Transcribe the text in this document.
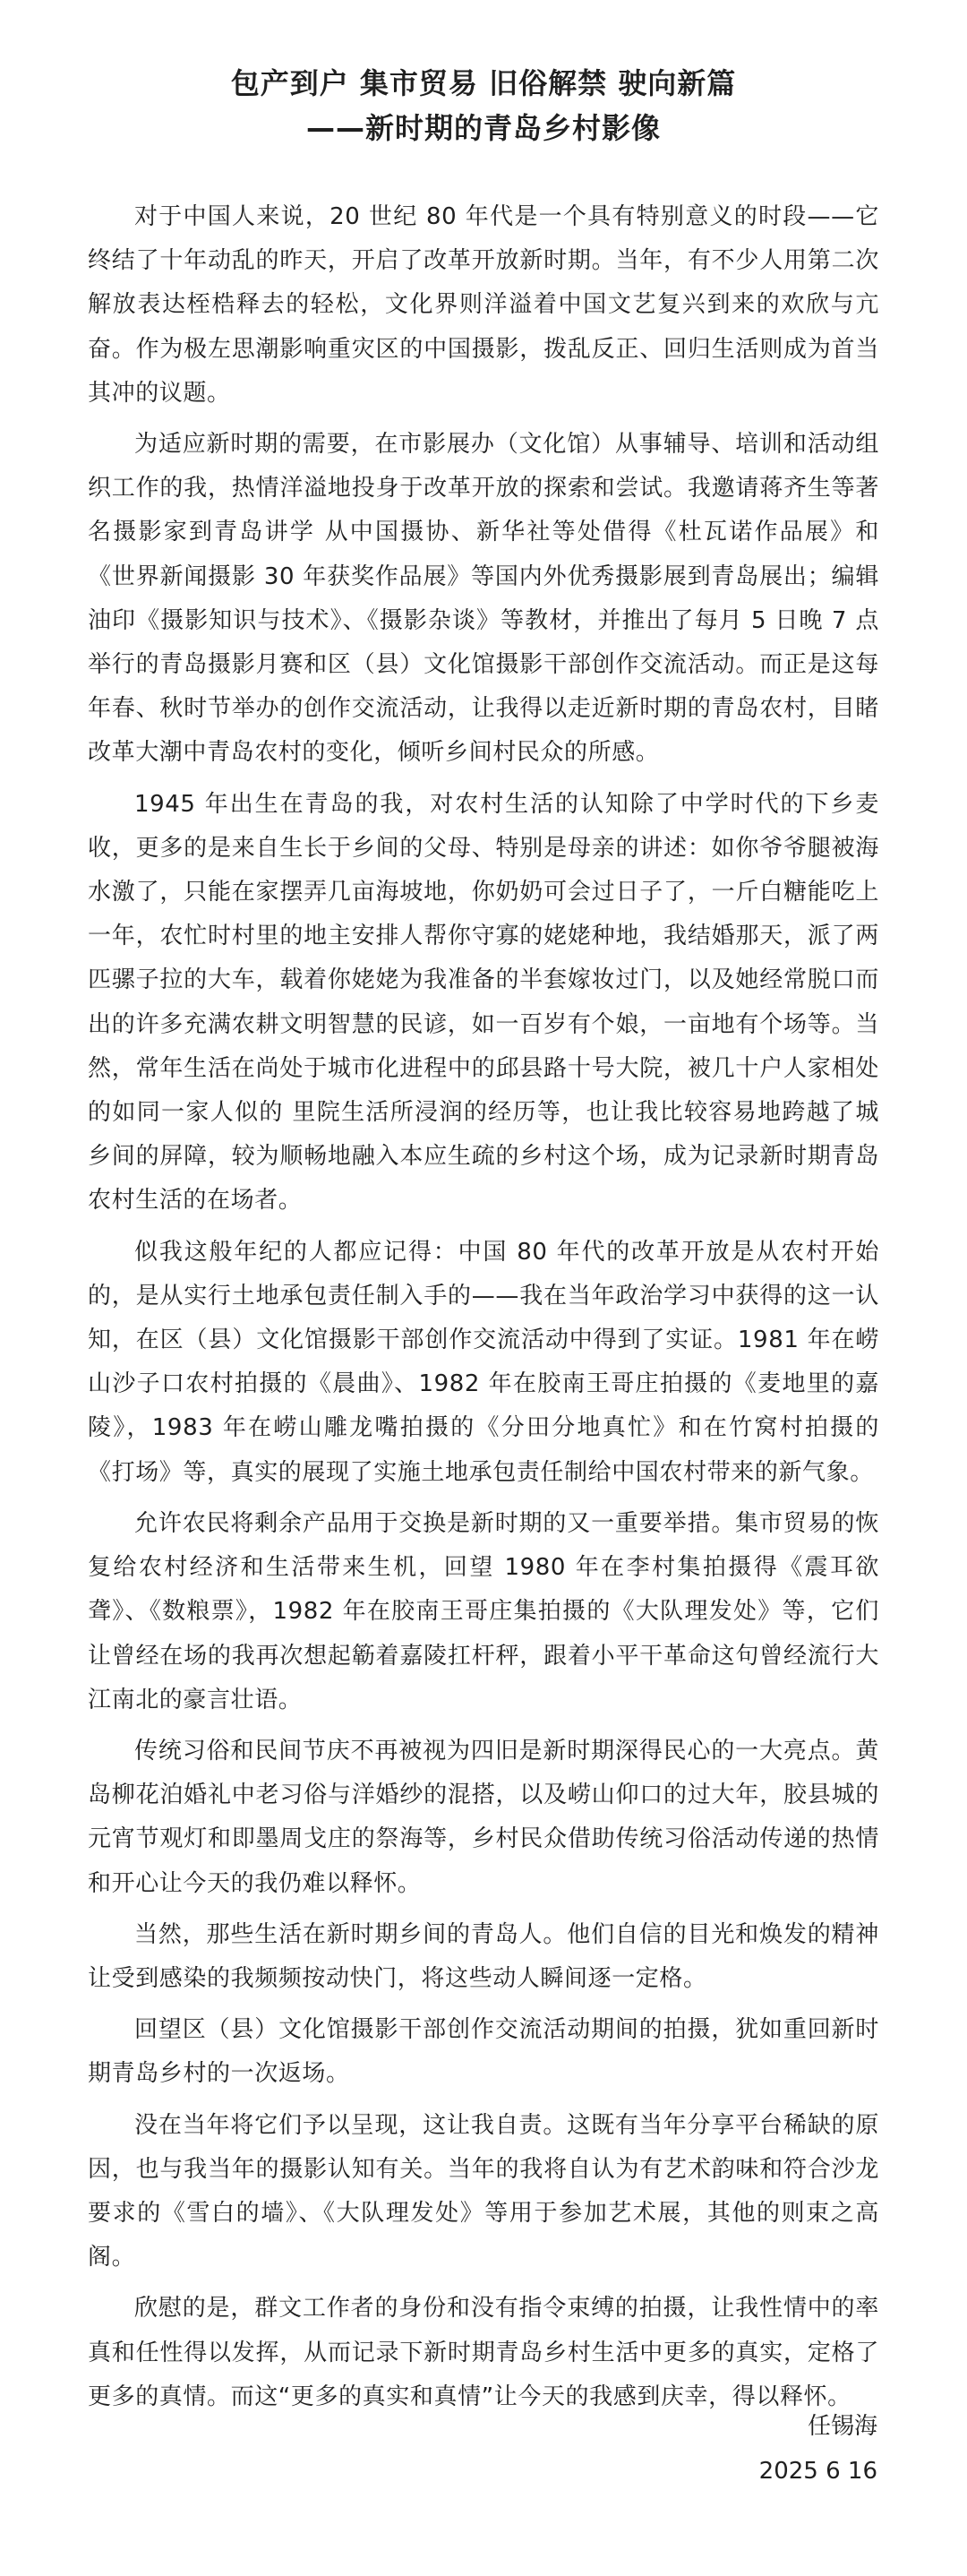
包产到户 集市贸易 旧俗解禁 驶向新篇
——新时期的青岛乡村影像

对于中国人来说，20 世纪 80 年代是一个具有特别意义的时段——它终结了十年动乱的昨天，开启了改革开放新时期。当年，有不少人用第二次解放表达桎梏释去的轻松，文化界则洋溢着中国文艺复兴到来的欢欣与亢奋。作为极左思潮影响重灾区的中国摄影，拨乱反正、回归生活则成为首当其冲的议题。

为适应新时期的需要，在市影展办（文化馆）从事辅导、培训和活动组织工作的我，热情洋溢地投身于改革开放的探索和尝试。我邀请蒋齐生等著名摄影家到青岛讲学 从中国摄协、新华社等处借得《杜瓦诺作品展》和《世界新闻摄影 30 年获奖作品展》等国内外优秀摄影展到青岛展出；编辑油印《摄影知识与技术》、《摄影杂谈》等教材，并推出了每月 5 日晚 7 点举行的青岛摄影月赛和区（县）文化馆摄影干部创作交流活动。而正是这每年春、秋时节举办的创作交流活动，让我得以走近新时期的青岛农村，目睹改革大潮中青岛农村的变化，倾听乡间村民众的所感。

1945 年出生在青岛的我，对农村生活的认知除了中学时代的下乡麦收，更多的是来自生长于乡间的父母、特别是母亲的讲述：如你爷爷腿被海水激了，只能在家摆弄几亩海坡地，你奶奶可会过日子了，一斤白糖能吃上一年，农忙时村里的地主安排人帮你守寡的姥姥种地，我结婚那天，派了两匹骡子拉的大车，载着你姥姥为我准备的半套嫁妆过门，以及她经常脱口而出的许多充满农耕文明智慧的民谚，如一百岁有个娘，一亩地有个场等。当然，常年生活在尚处于城市化进程中的邱县路十号大院，被几十户人家相处的如同一家人似的 里院生活所浸润的经历等，也让我比较容易地跨越了城乡间的屏障，较为顺畅地融入本应生疏的乡村这个场，成为记录新时期青岛农村生活的在场者。

似我这般年纪的人都应记得：中国 80 年代的改革开放是从农村开始的，是从实行土地承包责任制入手的——我在当年政治学习中获得的这一认知，在区（县）文化馆摄影干部创作交流活动中得到了实证。1981 年在崂山沙子口农村拍摄的《晨曲》、1982 年在胶南王哥庄拍摄的《麦地里的嘉陵》，1983 年在崂山雕龙嘴拍摄的《分田分地真忙》和在竹窝村拍摄的《打场》等，真实的展现了实施土地承包责任制给中国农村带来的新气象。

允许农民将剩余产品用于交换是新时期的又一重要举措。集市贸易的恢复给农村经济和生活带来生机，回望 1980 年在李村集拍摄得《震耳欲聋》、《数粮票》，1982 年在胶南王哥庄集拍摄的《大队理发处》等，它们让曾经在场的我再次想起簕着嘉陵扛杆秤，跟着小平干革命这句曾经流行大江南北的豪言壮语。

传统习俗和民间节庆不再被视为四旧是新时期深得民心的一大亮点。黄岛柳花泊婚礼中老习俗与洋婚纱的混搭，以及崂山仰口的过大年，胶县城的元宵节观灯和即墨周戈庄的祭海等，乡村民众借助传统习俗活动传递的热情和开心让今天的我仍难以释怀。

当然，那些生活在新时期乡间的青岛人。他们自信的目光和焕发的精神让受到感染的我频频按动快门，将这些动人瞬间逐一定格。

回望区（县）文化馆摄影干部创作交流活动期间的拍摄，犹如重回新时期青岛乡村的一次返场。

没在当年将它们予以呈现，这让我自责。这既有当年分享平台稀缺的原因，也与我当年的摄影认知有关。当年的我将自认为有艺术韵味和符合沙龙要求的《雪白的墙》、《大队理发处》等用于参加艺术展，其他的则束之高阁。

欣慰的是，群文工作者的身份和没有指令束缚的拍摄，让我性情中的率真和任性得以发挥，从而记录下新时期青岛乡村生活中更多的真实，定格了更多的真情。而这“更多的真实和真情”让今天的我感到庆幸，得以释怀。

任锡海
2025 6 16
